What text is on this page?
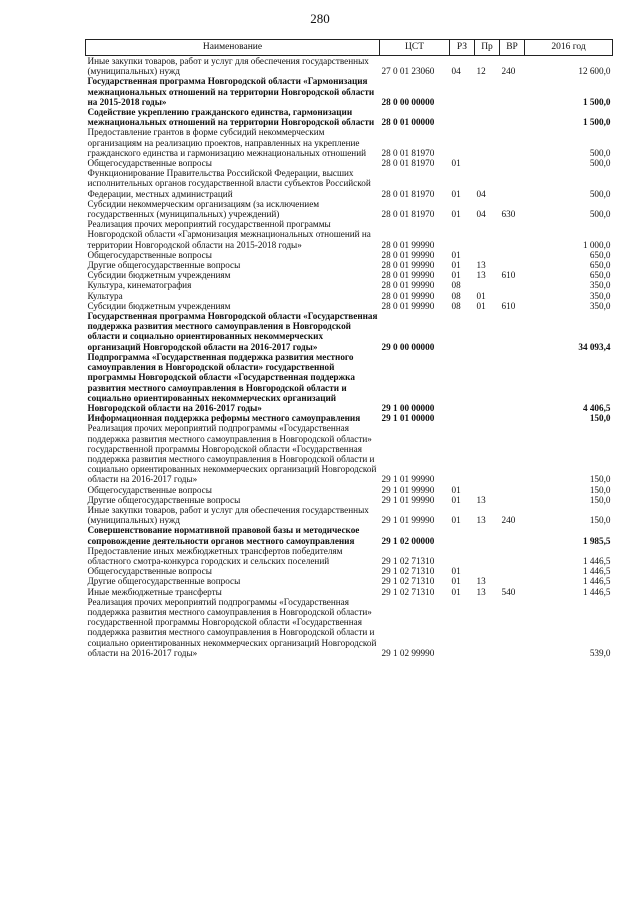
280
Наименование	ЦСТ	РЗ	Пр	ВР	2016 год
Иные закупки товаров, работ и услуг для обеспечения государственных (муниципальных) нужд	27 0 01 23060	04	12	240	12 600,0
Государственная программа Новгородской области «Гармонизация межнациональных отношений на территории Новгородской области на 2015-2018 годы»	28 0 00 00000				1 500,0
Содействие укреплению гражданского единства, гармонизации межнациональных отношений на территории Новгородской области	28 0 01 00000				1 500,0
Предоставление грантов в форме субсидий некоммерческим организациям на реализацию проектов, направленных на укрепление гражданского единства и гармонизацию межнациональных отношений	28 0 01 81970				500,0
Общегосударственные вопросы	28 0 01 81970	01			500,0
Функционирование Правительства Российской Федерации, высших исполнительных органов государственной власти субъектов Российской Федерации, местных администраций	28 0 01 81970	01	04		500,0
Субсидии некоммерческим организациям (за исключением государственных (муниципальных) учреждений)	28 0 01 81970	01	04	630	500,0
Реализация прочих мероприятий государственной программы Новгородской области «Гармонизация межнациональных отношений на территории Новгородской области на 2015-2018 годы»	28 0 01 99990				1 000,0
Общегосударственные вопросы	28 0 01 99990	01			650,0
Другие общегосударственные вопросы	28 0 01 99990	01	13		650,0
Субсидии бюджетным учреждениям	28 0 01 99990	01	13	610	650,0
Культура, кинематография	28 0 01 99990	08			350,0
Культура	28 0 01 99990	08	01		350,0
Субсидии бюджетным учреждениям	28 0 01 99990	08	01	610	350,0
Государственная программа Новгородской области «Государственная поддержка развития местного самоуправления в Новгородской области и социально ориентированных некоммерческих организаций Новгородской области на 2016-2017 годы»	29 0 00 00000				34 093,4
Подпрограмма «Государственная поддержка развития местного самоуправления в Новгородской области» государственной программы Новгородской области «Государственная поддержка развития местного самоуправления в Новгородской области и социально ориентированных некоммерческих организаций Новгородской области на 2016-2017 годы»	29 1 00 00000				4 406,5
Информационная поддержка реформы местного самоуправления	29 1 01 00000				150,0
Реализация прочих мероприятий подпрограммы «Государственная поддержка развития местного самоуправления в Новгородской области» государственной программы Новгородской области «Государственная поддержка развития местного самоуправления в Новгородской области и социально ориентированных некоммерческих организаций Новгородской области на 2016-2017 годы»	29 1 01 99990				150,0
Общегосударственные вопросы	29 1 01 99990	01			150,0
Другие общегосударственные вопросы	29 1 01 99990	01	13		150,0
Иные закупки товаров, работ и услуг для обеспечения государственных (муниципальных) нужд	29 1 01 99990	01	13	240	150,0
Совершенствование нормативной правовой базы и методическое сопровождение деятельности органов местного самоуправления	29 1 02 00000				1 985,5
Предоставление иных межбюджетных трансфертов победителям областного смотра-конкурса городских и сельских поселений	29 1 02 71310				1 446,5
Общегосударственные вопросы	29 1 02 71310	01			1 446,5
Другие общегосударственные вопросы	29 1 02 71310	01	13		1 446,5
Иные межбюджетные трансферты	29 1 02 71310	01	13	540	1 446,5
Реализация прочих мероприятий подпрограммы «Государственная поддержка развития местного самоуправления в Новгородской области» государственной программы Новгородской области «Государственная поддержка развития местного самоуправления в Новгородской области и социально ориентированных некоммерческих организаций Новгородской области на 2016-2017 годы»	29 1 02 99990				539,0
